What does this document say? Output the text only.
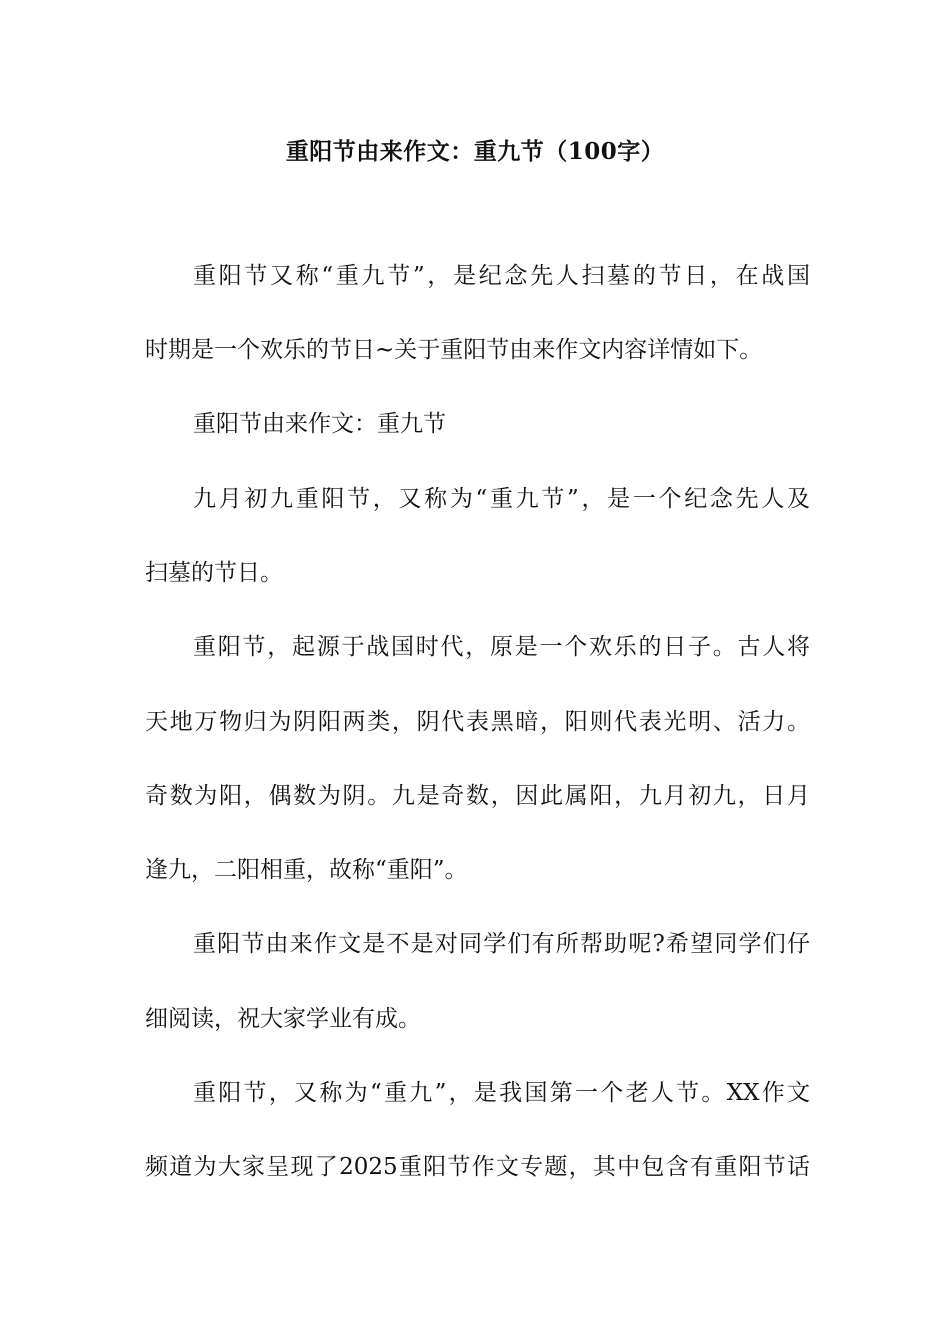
重阳节由来作文：重九节（100字）
重阳节又称“重九节”，是纪念先人扫墓的节日，在战国
时期是一个欢乐的节日~关于重阳节由来作文内容详情如下。
重阳节由来作文：重九节
九月初九重阳节，又称为“重九节”，是一个纪念先人及
扫墓的节日。
重阳节，起源于战国时代，原是一个欢乐的日子。古人将
天地万物归为阴阳两类，阴代表黑暗，阳则代表光明、活力。
奇数为阳，偶数为阴。九是奇数，因此属阳，九月初九，日月
逢九，二阳相重，故称“重阳”。
重阳节由来作文是不是对同学们有所帮助呢?希望同学们仔
细阅读，祝大家学业有成。
重阳节，又称为“重九”，是我国第一个老人节。XX作文
频道为大家呈现了2025重阳节作文专题，其中包含有重阳节话
